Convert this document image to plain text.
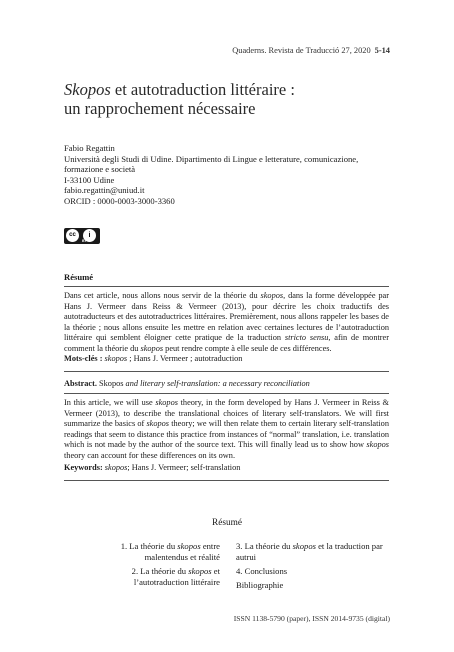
Quaderns. Revista de Traducció 27, 2020 5-14
Skopos et autotraduction littéraire :
un rapprochement nécessaire
Fabio Regattin
Università degli Studi di Udine. Dipartimento di Lingue e letterature, comunicazione, formazione e società
I-33100 Udine
fabio.regattin@uniud.it
ORCID : 0000-0003-3000-3360
cc	i
BY
Résumé
Dans cet article, nous allons nous servir de la théorie du skopos, dans la forme développée par Hans J. Vermeer dans Reiss & Vermeer (2013), pour décrire les choix traductifs des autotraducteurs et des autotraductrices littéraires. Premièrement, nous allons rappeler les bases de la théorie ; nous allons ensuite les mettre en relation avec certaines lectures de l’autotraduction littéraire qui semblent éloigner cette pratique de la traduction stricto sensu, afin de montrer comment la théorie du skopos peut rendre compte à elle seule de ces différences.
Mots-clés : skopos ; Hans J. Vermeer ; autotraduction
Abstract. Skopos and literary self-translation: a necessary reconciliation
In this article, we will use skopos theory, in the form developed by Hans J. Vermeer in Reiss & Vermeer (2013), to describe the translational choices of literary self-translators. We will first summarize the basics of skopos theory; we will then relate them to certain literary self-translation readings that seem to distance this practice from instances of “normal” translation, i.e. translation which is not made by the author of the source text. This will finally lead us to show how skopos theory can account for these differences on its own.
Keywords: skopos; Hans J. Vermeer; self-translation
Résumé
1. La théorie du skopos entre malentendus et réalité
2. La théorie du skopos et l’autotraduction littéraire
3. La théorie du skopos et la traduction par autrui
4. Conclusions
Bibliographie
ISSN 1138-5790 (paper), ISSN 2014-9735 (digital)
